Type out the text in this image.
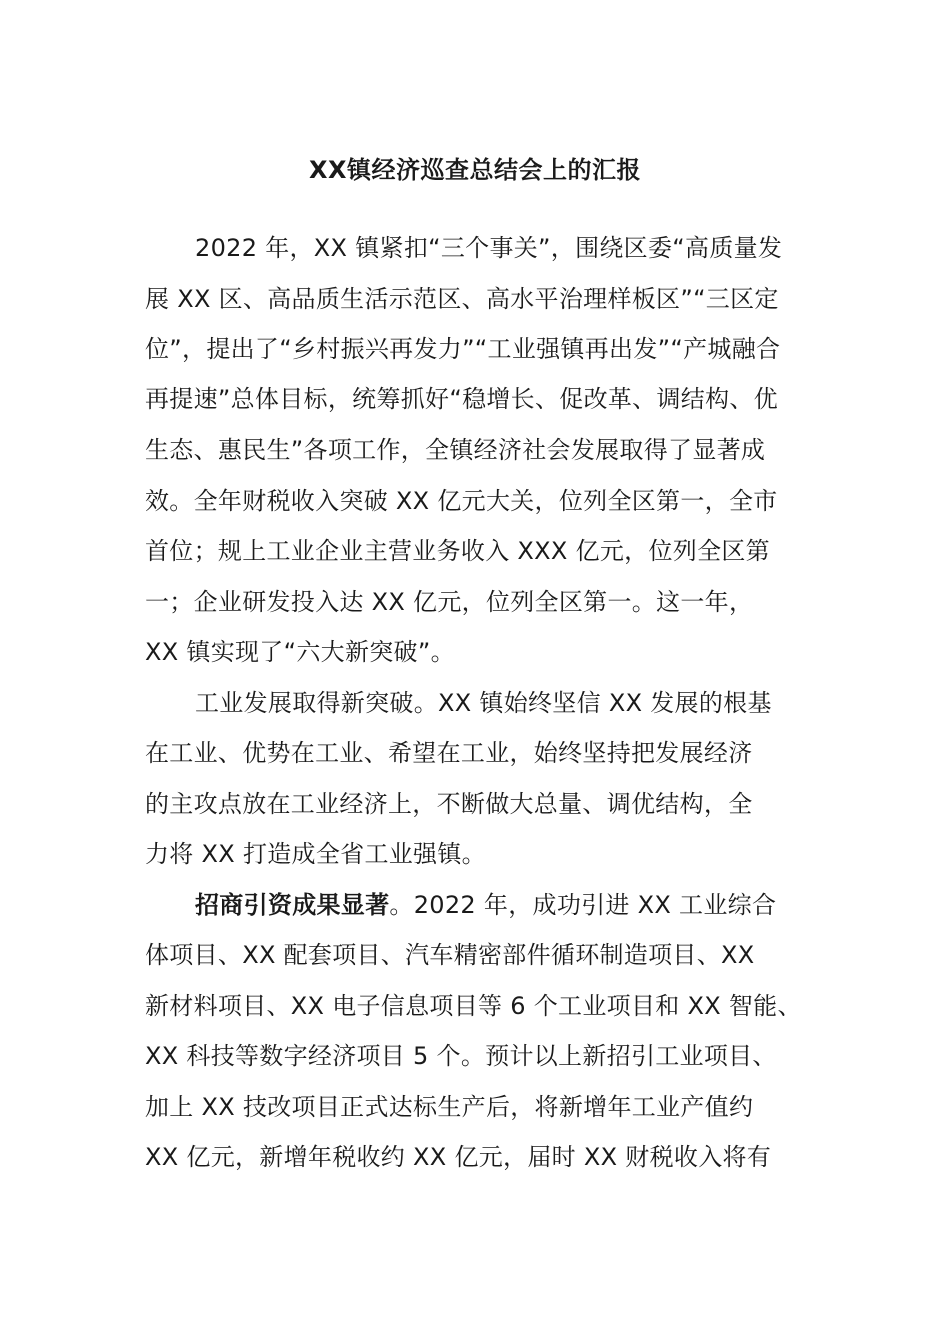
XX镇经济巡查总结会上的汇报
2022 年，XX 镇紧扣“三个事关”，围绕区委“高质量发
展 XX 区、高品质生活示范区、高水平治理样板区”“三区定
位”，提出了“乡村振兴再发力”“工业强镇再出发”“产城融合
再提速”总体目标，统筹抓好“稳增长、促改革、调结构、优
生态、惠民生”各项工作，全镇经济社会发展取得了显著成
效。全年财税收入突破 XX 亿元大关，位列全区第一，全市
首位；规上工业企业主营业务收入 XXX 亿元，位列全区第
一；企业研发投入达 XX 亿元，位列全区第一。这一年，
XX 镇实现了“六大新突破”。
工业发展取得新突破。XX 镇始终坚信 XX 发展的根基
在工业、优势在工业、希望在工业，始终坚持把发展经济
的主攻点放在工业经济上，不断做大总量、调优结构，全
力将 XX 打造成全省工业强镇。
招商引资成果显著。2022 年，成功引进 XX 工业综合
体项目、XX 配套项目、汽车精密部件循环制造项目、XX
新材料项目、XX 电子信息项目等 6 个工业项目和 XX 智能、
XX 科技等数字经济项目 5 个。预计以上新招引工业项目、
加上 XX 技改项目正式达标生产后，将新增年工业产值约
XX 亿元，新增年税收约 XX 亿元，届时 XX 财税收入将有
